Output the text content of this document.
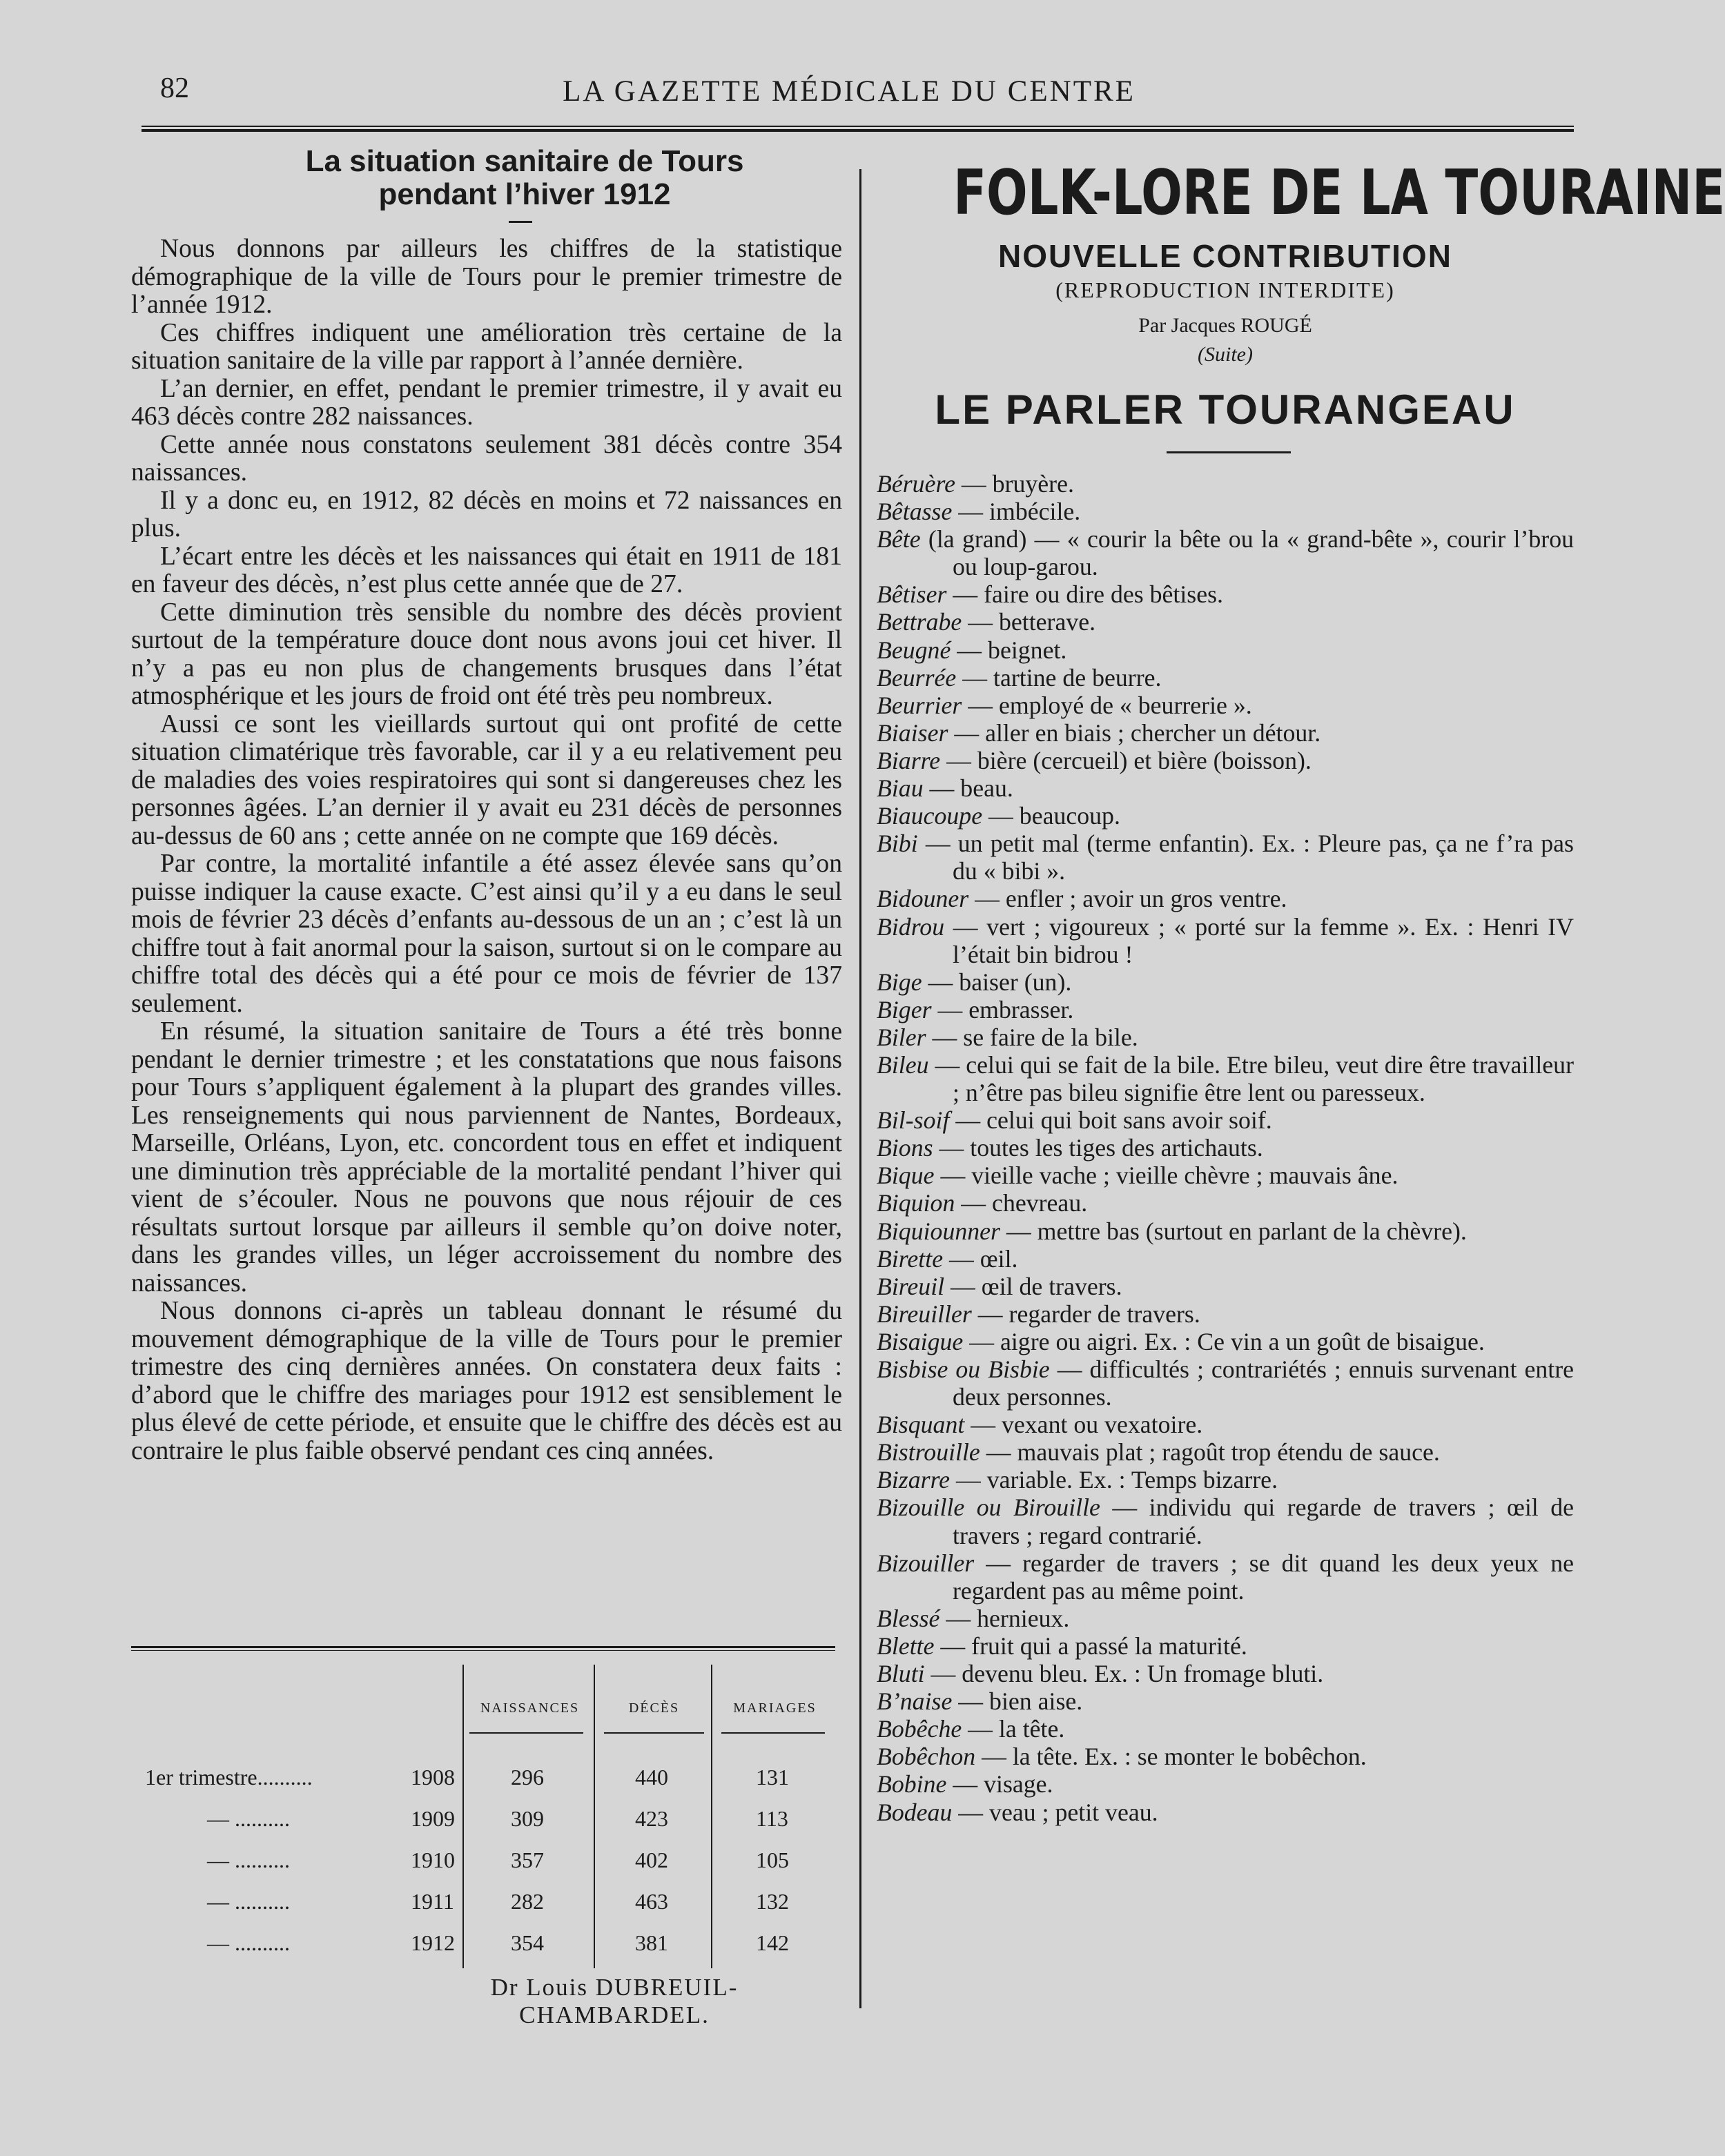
82	LA GAZETTE MÉDICALE DU CENTRE
La situation sanitaire de Tours
pendant l’hiver 1912

Nous donnons par ailleurs les chiffres de la statistique démographique de la ville de Tours pour le premier trimestre de l’année 1912.

Ces chiffres indiquent une amélioration très certaine de la situation sanitaire de la ville par rapport à l’année dernière.

L’an dernier, en effet, pendant le premier trimestre, il y avait eu 463 décès contre 282 naissances.

Cette année nous constatons seulement 381 décès contre 354 naissances.

Il y a donc eu, en 1912, 82 décès en moins et 72 naissances en plus.

L’écart entre les décès et les naissances qui était en 1911 de 181 en faveur des décès, n’est plus cette année que de 27.

Cette diminution très sensible du nombre des décès provient surtout de la température douce dont nous avons joui cet hiver. Il n’y a pas eu non plus de changements brusques dans l’état atmosphérique et les jours de froid ont été très peu nombreux.

Aussi ce sont les vieillards surtout qui ont profité de cette situation climatérique très favorable, car il y a eu relativement peu de maladies des voies respiratoires qui sont si dangereuses chez les personnes âgées. L’an dernier il y avait eu 231 décès de personnes au-dessus de 60 ans ; cette année on ne compte que 169 décès.

Par contre, la mortalité infantile a été assez élevée sans qu’on puisse indiquer la cause exacte. C’est ainsi qu’il y a eu dans le seul mois de février 23 décès d’enfants au-dessous de un an ; c’est là un chiffre tout à fait anormal pour la saison, surtout si on le compare au chiffre total des décès qui a été pour ce mois de février de 137 seulement.

En résumé, la situation sanitaire de Tours a été très bonne pendant le dernier trimestre ; et les constatations que nous faisons pour Tours s’appliquent également à la plupart des grandes villes. Les renseignements qui nous parviennent de Nantes, Bordeaux, Marseille, Orléans, Lyon, etc. concordent tous en effet et indiquent une diminution très appréciable de la mortalité pendant l’hiver qui vient de s’écouler. Nous ne pouvons que nous réjouir de ces résultats surtout lorsque par ailleurs il semble qu’on doive noter, dans les grandes villes, un léger accroissement du nombre des naissances.

Nous donnons ci-après un tableau donnant le résumé du mouvement démographique de la ville de Tours pour le premier trimestre des cinq dernières années. On constatera deux faits : d’abord que le chiffre des mariages pour 1912 est sensiblement le plus élevé de cette période, et ensuite que le chiffre des décès est au contraire le plus faible observé pendant ces cinq années.

NAISSANCES	DÉCÈS	MARIAGES
1er trimestre..........	1908	296	440	131
— ..........	1909	309	423	113
— ..........	1910	357	402	105
— ..........	1911	282	463	132
— ..........	1912	354	381	142
Dr Louis DUBREUIL-CHAMBARDEL.
FOLK-LORE DE LA TOURAINE
NOUVELLE CONTRIBUTION
(REPRODUCTION INTERDITE)
Par Jacques ROUGÉ
(Suite)
LE PARLER TOURANGEAU

Béruère — bruyère.

Bêtasse — imbécile.

Bête (la grand) — « courir la bête ou la « grand-bête », courir l’brou ou loup-garou.

Bêtiser — faire ou dire des bêtises.

Bettrabe — betterave.

Beugné — beignet.

Beurrée — tartine de beurre.

Beurrier — employé de « beurrerie ».

Biaiser — aller en biais ; chercher un détour.

Biarre — bière (cercueil) et bière (boisson).

Biau — beau.

Biaucoupe — beaucoup.

Bibi — un petit mal (terme enfantin). Ex. : Pleure pas, ça ne f’ra pas du « bibi ».

Bidouner — enfler ; avoir un gros ventre.

Bidrou — vert ; vigoureux ; « porté sur la femme ». Ex. : Henri IV l’était bin bidrou !

Bige — baiser (un).

Biger — embrasser.

Biler — se faire de la bile.

Bileu — celui qui se fait de la bile. Etre bileu, veut dire être travailleur ; n’être pas bileu signifie être lent ou paresseux.

Bil-soif — celui qui boit sans avoir soif.

Bions — toutes les tiges des artichauts.

Bique — vieille vache ; vieille chèvre ; mauvais âne.

Biquion — chevreau.

Biquiounner — mettre bas (surtout en parlant de la chèvre).

Birette — œil.

Bireuil — œil de travers.

Bireuiller — regarder de travers.

Bisaigue — aigre ou aigri. Ex. : Ce vin a un goût de bisaigue.

Bisbise ou Bisbie — difficultés ; contrariétés ; ennuis survenant entre deux personnes.

Bisquant — vexant ou vexatoire.

Bistrouille — mauvais plat ; ragoût trop étendu de sauce.

Bizarre — variable. Ex. : Temps bizarre.

Bizouille ou Birouille — individu qui regarde de travers ; œil de travers ; regard contrarié.

Bizouiller — regarder de travers ; se dit quand les deux yeux ne regardent pas au même point.

Blessé — hernieux.

Blette — fruit qui a passé la maturité.

Bluti — devenu bleu. Ex. : Un fromage bluti.

B’naise — bien aise.

Bobêche — la tête.

Bobêchon — la tête. Ex. : se monter le bobêchon.

Bobine — visage.

Bodeau — veau ; petit veau.
